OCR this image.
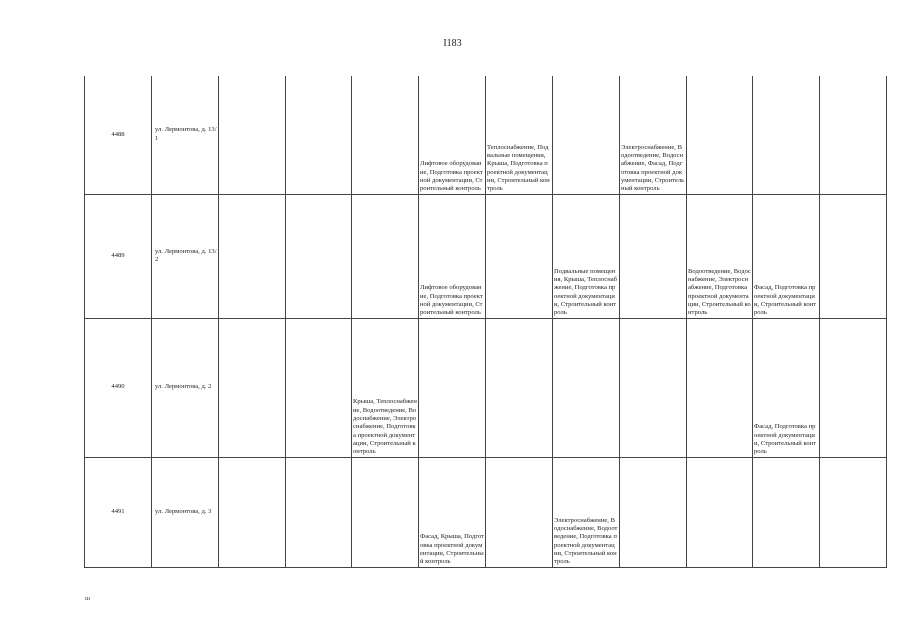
I183
4488	ул. Лермонтова, д. 13/1				Лифтовое оборудование, Подготовка проектной документации, Строительный контроль	Теплоснабжение, Подвальные помещения, Крыша, Подготовка проектной документации, Строительный контроль		Электроснабжение, Водоотведение, Водоснабжение, Фасад, Подготовка проектной документации, Строительный контроль			
4489	ул. Лермонтова, д. 13/2				Лифтовое оборудование, Подготовка проектной документации, Строительный контроль		Подвальные помещения, Крыша, Теплоснабжение, Подготовка проектной документации, Строительный контроль		Водоотведение, Водоснабжение, Электроснабжение, Подготовка проектной документации, Строительный контроль	Фасад, Подготовка проектной документации, Строительный контроль	
4490	ул. Лермонтова, д. 2			Крыша, Теплоснабжение, Водоотведение, Водоснабжение, Электроснабжение, Подготовка проектной документации, Строительный контроль						Фасад, Подготовка проектной документации, Строительный контроль	
4491	ул. Лермонтова, д. 3				Фасад, Крыша, Подготовка проектной документации, Строительный контроль		Электроснабжение, Водоснабжение, Водоотведение, Подготовка проектной документации, Строительный контроль				
ııı
